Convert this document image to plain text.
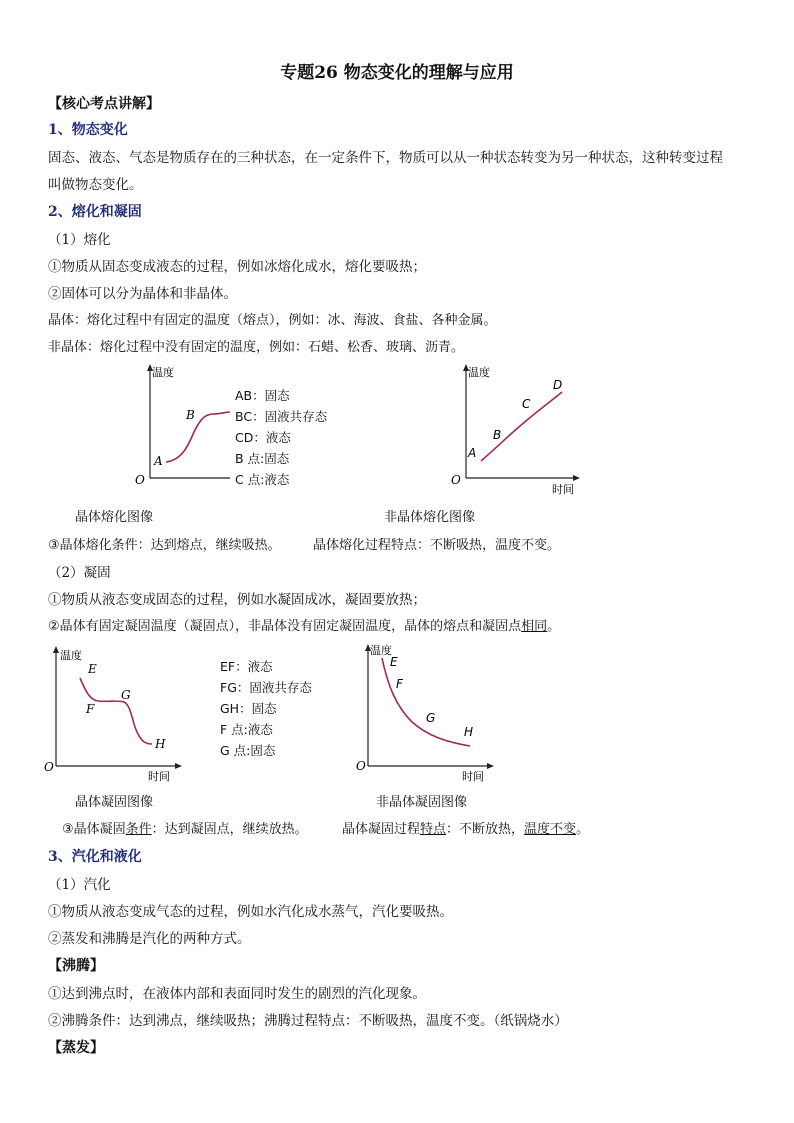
专题26 物态变化的理解与应用
【核心考点讲解】
1、物态变化
固态、液态、气态是物质存在的三种状态，在一定条件下，物质可以从一种状态转变为另一种状态，这种转变过程
叫做物态变化。
2、熔化和凝固
（1）熔化
①物质从固态变成液态的过程，例如冰熔化成水，熔化要吸热；
②固体可以分为晶体和非晶体。
晶体：熔化过程中有固定的温度（熔点），例如：冰、海波、食盐、各种金属。
非晶体：熔化过程中没有固定的温度，例如：石蜡、松香、玻璃、沥青。
温度
O
A
B
AB：固态
BC：固液共存态
CD：液态
B 点:固态
C 点:液态
晶体熔化图像
温度
O
时间
A
B
C
D
非晶体熔化图像
③晶体熔化条件：达到熔点，继续吸热。 晶体熔化过程特点：不断吸热，温度不变。
（2）凝固
①物质从液态变成固态的过程，例如水凝固成冰，凝固要放热；
②晶体有固定凝固温度（凝固点），非晶体没有固定凝固温度，晶体的熔点和凝固点相同。
温度
O
时间
E
F
G
H
EF：液态
FG：固液共存态
GH：固态
F 点:液态
G 点:固态
晶体凝固图像
温度
O
时间
E
F
G
H
非晶体凝固图像
③晶体凝固条件：达到凝固点，继续放热。	晶体凝固过程特点：不断放热，温度不变。
3、汽化和液化
（1）汽化
①物质从液态变成气态的过程，例如水汽化成水蒸气，汽化要吸热。
②蒸发和沸腾是汽化的两种方式。
【沸腾】
①达到沸点时，在液体内部和表面同时发生的剧烈的汽化现象。
②沸腾条件：达到沸点，继续吸热；沸腾过程特点：不断吸热，温度不变。（纸锅烧水）
【蒸发】
